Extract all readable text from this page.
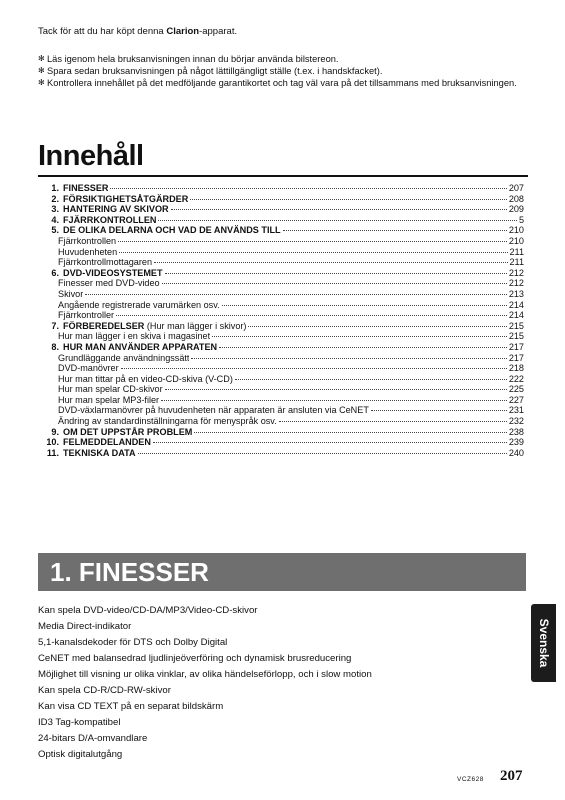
Tack för att du har köpt denna Clarion-apparat.
✻ Läs igenom hela bruksanvisningen innan du börjar använda bilstereon.
✻ Spara sedan bruksanvisningen på något lättillgängligt ställe (t.ex. i handskfacket).
✻ Kontrollera innehållet på det medföljande garantikortet och tag väl vara på det tillsammans med bruksanvisningen.
Innehåll
1. FINESSER	207
2. FÖRSIKTIGHETSÅTGÄRDER	208
3. HANTERING AV SKIVOR	209
4. FJÄRRKONTROLLEN	5
5. DE OLIKA DELARNA OCH VAD DE ANVÄNDS TILL	210
Fjärrkontrollen	210
Huvudenheten	211
Fjärrkontrollmottagaren	211
6. DVD-VIDEOSYSTEMET	212
Finesser med DVD-video	212
Skivor	213
Angående registrerade varumärken osv.	214
Fjärrkontroller	214
7. FÖRBEREDELSER (Hur man lägger i skivor)	215
Hur man lägger i en skiva i magasinet	215
8. HUR MAN ANVÄNDER APPARATEN	217
Grundläggande användningssätt	217
DVD-manövrer	218
Hur man tittar på en video-CD-skiva (V-CD)	222
Hur man spelar CD-skivor	225
Hur man spelar MP3-filer	227
DVD-växlarmanövrer på huvudenheten när apparaten är ansluten via CeNET	231
Ändring av standardinställningarna för menyspråk osv.	232
9. OM DET UPPSTÅR PROBLEM	238
10. FELMEDDELANDEN	239
11. TEKNISKA DATA	240
1. FINESSER
Kan spela DVD-video/CD-DA/MP3/Video-CD-skivor
Media Direct-indikator
5,1-kanalsdekoder för DTS och Dolby Digital
CeNET med balansedrad ljudlinjeöverföring och dynamisk brusreducering
Möjlighet till visning ur olika vinklar, av olika händelseförlopp, och i slow motion
Kan spela CD-R/CD-RW-skivor
Kan visa CD TEXT på en separat bildskärm
ID3 Tag-kompatibel
24-bitars D/A-omvandlare
Optisk digitalutgång
Svenska
VCZ628 207
